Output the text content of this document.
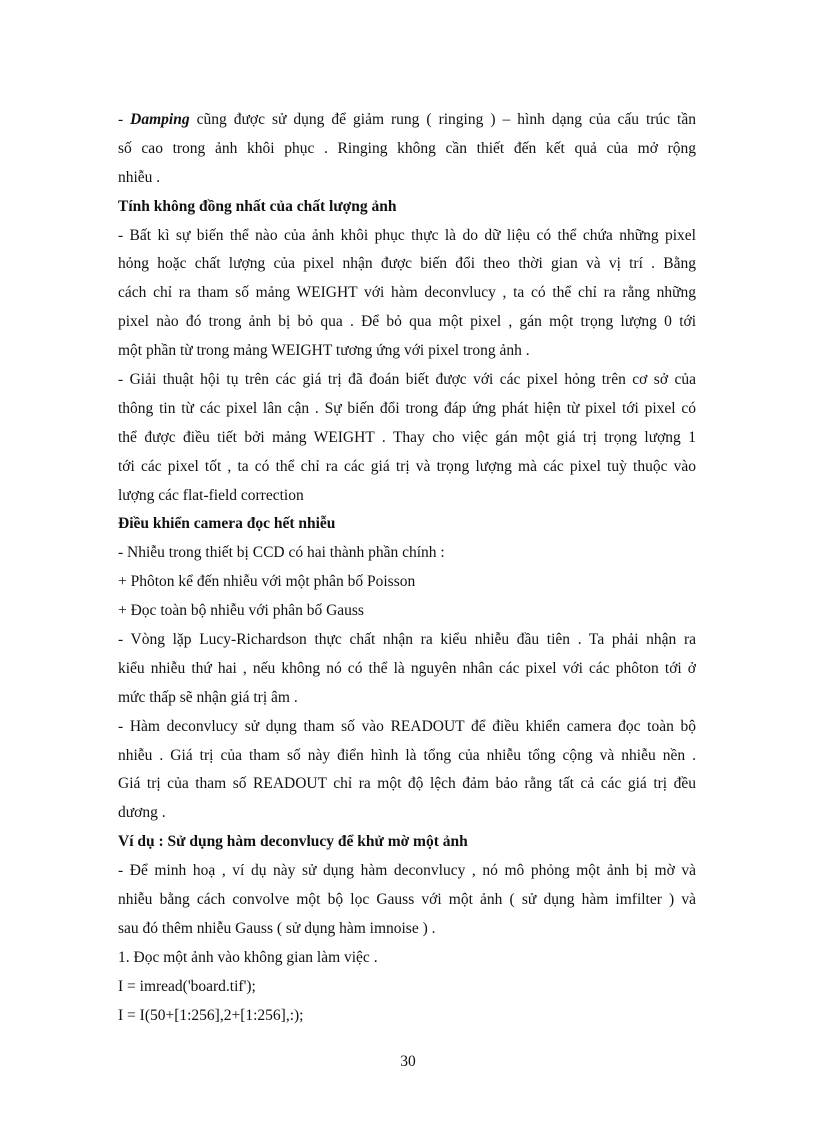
- Damping cũng được sử dụng để giảm rung ( ringing ) – hình dạng của cấu trúc tần
số cao trong ảnh khôi phục . Ringing không cần thiết đến kết quả của mở rộng
nhiễu .
Tính không đồng nhất của chất lượng ảnh
- Bất kì sự biến thể nào của ảnh khôi phục thực là do dữ liệu có thể chứa những pixel
hỏng hoặc chất lượng của pixel nhận được biến đổi theo thời gian và vị trí . Bằng
cách chỉ ra tham số mảng WEIGHT với hàm deconvlucy , ta có thể chỉ ra rằng những
pixel nào đó trong ảnh bị bỏ qua . Để bỏ qua một pixel , gán một trọng lượng 0 tới
một phần từ trong mảng WEIGHT tương ứng với pixel trong ảnh .
- Giải thuật hội tụ trên các giá trị đã đoán biết được với các pixel hỏng trên cơ sở của
thông tin từ các pixel lân cận . Sự biến đổi trong đáp ứng phát hiện từ pixel tới pixel có
thể được điều tiết bởi mảng WEIGHT . Thay cho việc gán một giá trị trọng lượng 1
tới các pixel tốt , ta có thể chỉ ra các giá trị và trọng lượng mà các pixel tuỳ thuộc vào
lượng các flat-field correction
Điều khiển camera đọc hết nhiễu
- Nhiễu trong thiết bị CCD có hai thành phần chính :
+ Phôton kể đến nhiễu với một phân bố Poisson
+ Đọc toàn bộ nhiễu với phân bố Gauss
- Vòng lặp Lucy-Richardson thực chất nhận ra kiểu nhiễu đầu tiên . Ta phải nhận ra
kiểu nhiễu thứ hai , nếu không nó có thể là nguyên nhân các pixel với các phôton tới ở
mức thấp sẽ nhận giá trị âm .
- Hàm deconvlucy sử dụng tham số vào READOUT để điều khiển camera đọc toàn bộ
nhiễu . Giá trị của tham số này điển hình là tổng của nhiễu tổng cộng và nhiễu nền .
Giá trị của tham số READOUT chỉ ra một độ lệch đảm bảo rằng tất cả các giá trị đều
dương .
Ví dụ : Sử dụng hàm deconvlucy để khử mờ một ảnh
- Để minh hoạ , ví dụ này sử dụng hàm deconvlucy , nó mô phỏng một ảnh bị mờ và
nhiễu bằng cách convolve một bộ lọc Gauss với một ảnh ( sử dụng hàm imfilter ) và
sau đó thêm nhiễu Gauss ( sử dụng hàm imnoise ) .
1. Đọc một ảnh vào không gian làm việc .
I = imread('board.tif');
I = I(50+[1:256],2+[1:256],:);
30
